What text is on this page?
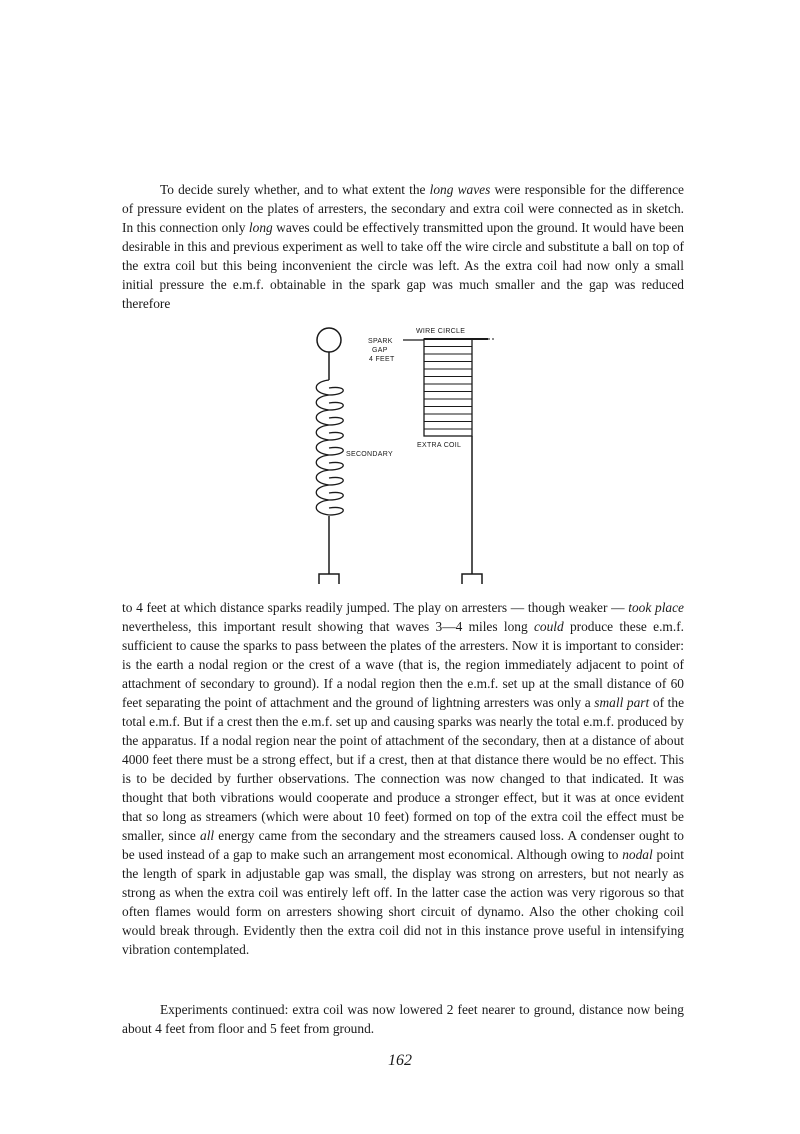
To decide surely whether, and to what extent the long waves were responsible for the difference of pressure evident on the plates of arresters, the secondary and extra coil were connected as in sketch. In this connection only long waves could be effectively transmitted upon the ground. It would have been desirable in this and previous experiment as well to take off the wire circle and substitute a ball on top of the extra coil but this being inconvenient the circle was left. As the extra coil had now only a small initial pressure the e.m.f. obtainable in the spark gap was much smaller and the gap was reduced therefore

WIRE CIRCLE
SPARK
GAP
4 FEET
EXTRA COIL
SECONDARY

to 4 feet at which distance sparks readily jumped. The play on arresters — though weaker — took place nevertheless, this important result showing that waves 3—4 miles long could produce these e.m.f. sufficient to cause the sparks to pass between the plates of the arresters. Now it is important to consider: is the earth a nodal region or the crest of a wave (that is, the region immediately adjacent to point of attachment of secondary to ground). If a nodal region then the e.m.f. set up at the small distance of 60 feet separating the point of attachment and the ground of lightning arresters was only a small part of the total e.m.f. But if a crest then the e.m.f. set up and causing sparks was nearly the total e.m.f. produced by the apparatus. If a nodal region near the point of attachment of the secondary, then at a distance of about 4000 feet there must be a strong effect, but if a crest, then at that distance there would be no effect. This is to be decided by further observations. The connection was now changed to that indicated. It was thought that both vibrations would cooperate and produce a stronger effect, but it was at once evident that so long as streamers (which were about 10 feet) formed on top of the extra coil the effect must be smaller, since all energy came from the secondary and the streamers caused loss. A condenser ought to be used instead of a gap to make such an arrangement most economical. Although owing to nodal point the length of spark in adjustable gap was small, the display was strong on arresters, but not nearly as strong as when the extra coil was entirely left off. In the latter case the action was very rigorous so that often flames would form on arresters showing short circuit of dynamo. Also the other choking coil would break through. Evidently then the extra coil did not in this instance prove useful in intensifying vibration contemplated.

Experiments continued: extra coil was now lowered 2 feet nearer to ground, distance now being about 4 feet from floor and 5 feet from ground.

162
